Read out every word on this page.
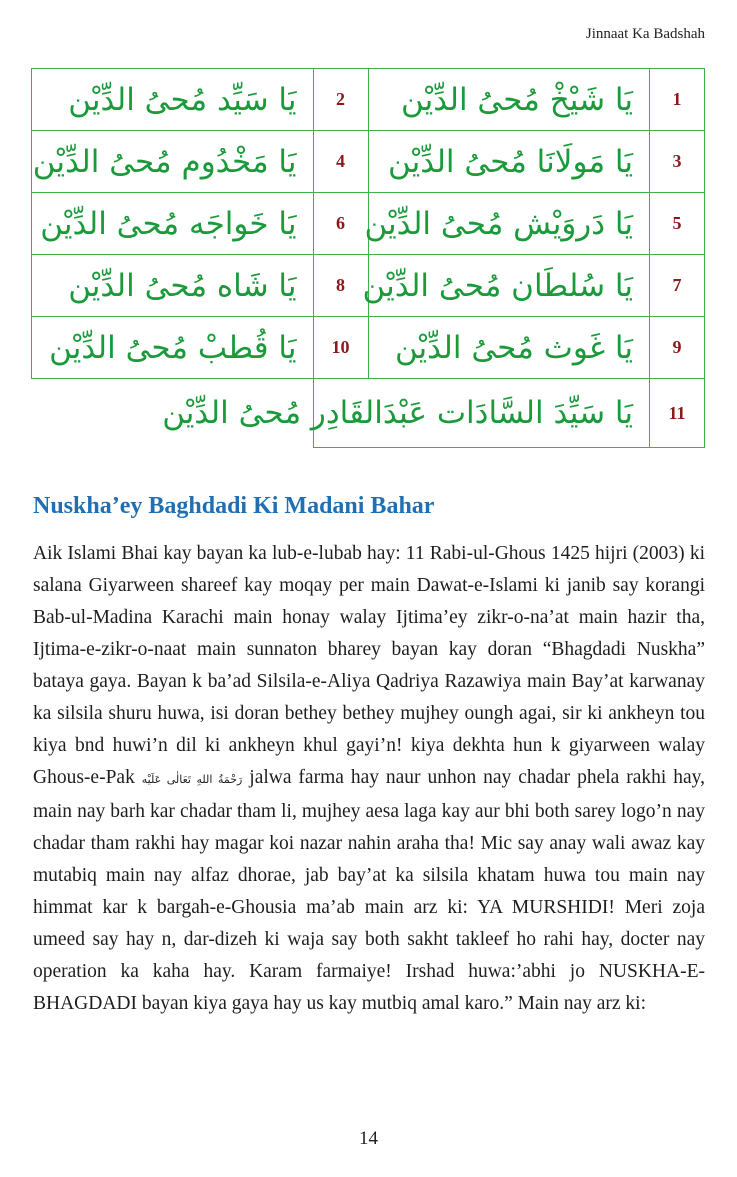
Jinnaat Ka Badshah
يَا سَيِّد مُحىُ الدِّيْن	2	يَا شَيْخْ مُحىُ الدِّيْن	1
يَا مَخْدُوم مُحىُ الدِّيْن	4	يَا مَولَانَا مُحىُ الدِّيْن	3
يَا خَواجَه مُحىُ الدِّيْن	6	يَا دَروَيْش مُحىُ الدِّيْن	5
يَا شَاه مُحىُ الدِّيْن	8	يَا سُلطَان مُحىُ الدِّيْن	7
يَا قُطبْ مُحىُ الدِّيْن	10	يَا غَوث مُحىُ الدِّيْن	9
	يَا سَيِّدَ السَّادَات عَبْدَالقَادِر مُحىُ الدِّيْن		11
Nuskha’ey Baghdadi Ki Madani Bahar

Aik Islami Bhai kay bayan ka lub-e-lubab hay: 11 Rabi-ul-Ghous 1425 hijri (2003) ki salana Giyarween shareef kay moqay per main Dawat-e-Islami ki janib say korangi Bab-ul-Madina Karachi main honay walay Ijtima’ey zikr-o-na’at main hazir tha, Ijtima-e-zikr-o-naat main sunnaton bharey bayan kay doran “Bhagdadi Nuskha” bataya gaya. Bayan k ba’ad Silsila-e-Aliya Qadriya Razawiya main Bay’at karwanay ka silsila shuru huwa, isi doran bethey bethey mujhey oungh agai, sir ki ankheyn tou kiya bnd huwi’n dil ki ankheyn khul gayi’n! kiya dekhta hun k giyarween walay Ghous-e-Pak رَحْمَةُ اللهِ تَعَالٰی عَلَيْه jalwa farma hay naur unhon nay chadar phela rakhi hay, main nay barh kar chadar tham li, mujhey aesa laga kay aur bhi both sarey logo’n nay chadar tham rakhi hay magar koi nazar nahin araha tha! Mic say anay wali awaz kay mutabiq main nay alfaz dhorae, jab bay’at ka silsila khatam huwa tou main nay himmat kar k bargah-e-Ghousia ma’ab main arz ki: YA MURSHIDI! Meri zoja umeed say hay n, dar-dizeh ki waja say both sakht takleef ho rahi hay, docter nay operation ka kaha hay. Karam farmaiye! Irshad huwa:’abhi jo NUSKHA-E-BHAGDADI bayan kiya gaya hay us kay mutbiq amal karo.” Main nay arz ki:

14
